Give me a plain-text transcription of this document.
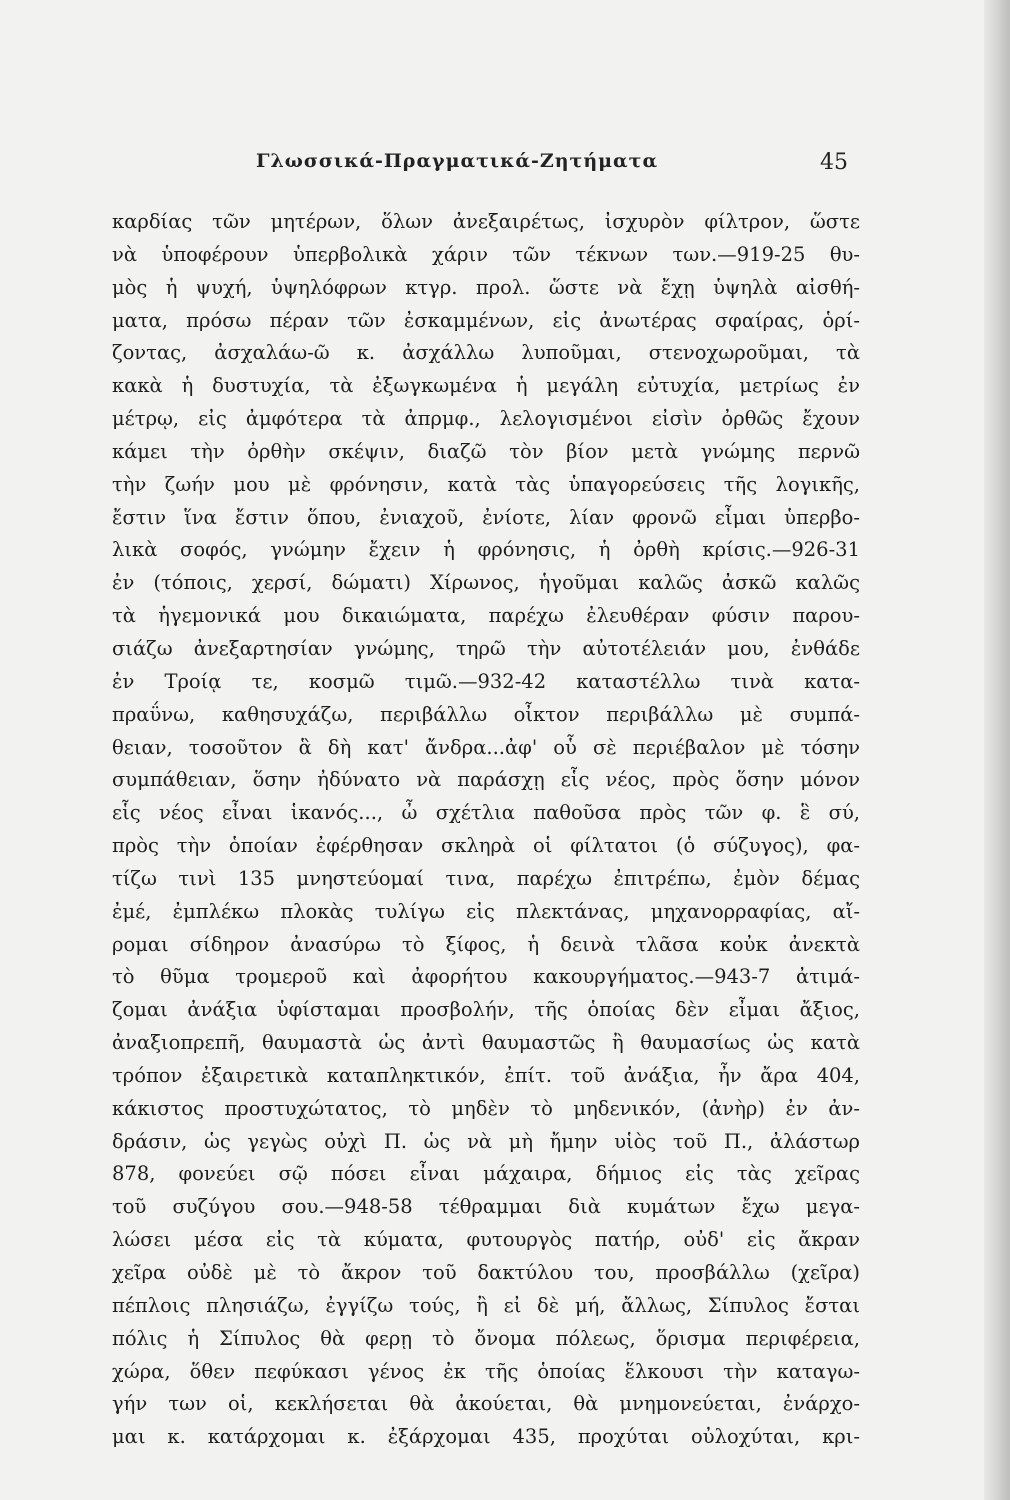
Γλωσσικά-Πραγματικά-Ζητήματα	45
καρδίας τῶν μητέρων, ὅλων ἀνεξαιρέτως, ἰσχυρὸν φίλτρον, ὥστε
νὰ ὑποφέρουν ὑπερβολικὰ χάριν τῶν τέκνων των.—919-25 θυ-
μὸς ἡ ψυχή, ὑψηλόφρων κτγρ. προλ. ὥστε νὰ ἔχῃ ὑψηλὰ αἰσθή-
ματα, πρόσω πέραν τῶν ἐσκαμμένων, εἰς ἀνωτέρας σφαίρας, ὁρί-
ζοντας, ἀσχαλάω-ῶ κ. ἀσχάλλω λυποῦμαι, στενοχωροῦμαι, τὰ
κακὰ ἡ δυστυχία, τὰ ἐξωγκωμένα ἡ μεγάλη εὐτυχία, μετρίως ἐν
μέτρῳ, εἰς ἀμφότερα τὰ ἀπρμφ., λελογισμένοι εἰσὶν ὀρθῶς ἔχουν
κάμει τὴν ὀρθὴν σκέψιν, διαζῶ τὸν βίον μετὰ γνώμης περνῶ
τὴν ζωήν μου μὲ φρόνησιν, κατὰ τὰς ὑπαγορεύσεις τῆς λογικῆς,
ἔστιν ἵνα ἔστιν ὅπου, ἐνιαχοῦ, ἐνίοτε, λίαν φρονῶ εἶμαι ὑπερβο-
λικὰ σοφός, γνώμην ἔχειν ἡ φρόνησις, ἡ ὀρθὴ κρίσις.—926-31
ἐν (τόποις, χερσί, δώματι) Χίρωνος, ἡγοῦμαι καλῶς ἀσκῶ καλῶς
τὰ ἡγεμονικά μου δικαιώματα, παρέχω ἐλευθέραν φύσιν παρου-
σιάζω ἀνεξαρτησίαν γνώμης, τηρῶ τὴν αὐτοτέλειάν μου, ἐνθάδε
ἐν Τροίᾳ τε, κοσμῶ τιμῶ.—932-42 καταστέλλω τινὰ κατα-
πραΰνω, καθησυχάζω, περιβάλλω οἶκτον περιβάλλω μὲ συμπά-
θειαν, τοσοῦτον ἃ δὴ κατ' ἄνδρα...ἀφ' οὗ σὲ περιέβαλον μὲ τόσην
συμπάθειαν, ὅσην ἠδύνατο νὰ παράσχῃ εἷς νέος, πρὸς ὅσην μόνον
εἷς νέος εἶναι ἱκανός..., ὦ σχέτλια παθοῦσα πρὸς τῶν φ. ἓ σύ,
πρὸς τὴν ὁποίαν ἐφέρθησαν σκληρὰ οἱ φίλτατοι (ὁ σύζυγος), φα-
τίζω τινὶ 135 μνηστεύομαί τινα, παρέχω ἐπιτρέπω, ἐμὸν δέμας
ἐμέ, ἐμπλέκω πλοκὰς τυλίγω εἰς πλεκτάνας, μηχανορραφίας, αἴ-
ρομαι σίδηρον ἀνασύρω τὸ ξίφος, ἡ δεινὰ τλᾶσα κοὐκ ἀνεκτὰ
τὸ θῦμα τρομεροῦ καὶ ἀφορήτου κακουργήματος.—943-7 ἀτιμά-
ζομαι ἀνάξια ὑφίσταμαι προσβολήν, τῆς ὁποίας δὲν εἶμαι ἄξιος,
ἀναξιοπρεπῆ, θαυμαστὰ ὡς ἀντὶ θαυμαστῶς ἢ θαυμασίως ὡς κατὰ
τρόπον ἐξαιρετικὰ καταπληκτικόν, ἐπίτ. τοῦ ἀνάξια, ἦν ἄρα 404,
κάκιστος προστυχώτατος, τὸ μηδὲν τὸ μηδενικόν, (ἀνὴρ) ἐν ἀν-
δράσιν, ὡς γεγὼς οὐχὶ Π. ὡς νὰ μὴ ἤμην υἱὸς τοῦ Π., ἀλάστωρ
878, φονεύει σῷ πόσει εἶναι μάχαιρα, δήμιος εἰς τὰς χεῖρας
τοῦ συζύγου σου.—948-58 τέθραμμαι διὰ κυμάτων ἔχω μεγα-
λώσει μέσα εἰς τὰ κύματα, φυτουργὸς πατήρ, οὐδ' εἰς ἄκραν
χεῖρα οὐδὲ μὲ τὸ ἄκρον τοῦ δακτύλου του, προσβάλλω (χεῖρα)
πέπλοις πλησιάζω, ἐγγίζω τούς, ἢ εἰ δὲ μή, ἄλλως, Σίπυλος ἔσται
πόλις ἡ Σίπυλος θὰ φερῃ τὸ ὄνομα πόλεως, ὅρισμα περιφέρεια,
χώρα, ὅθεν πεφύκασι γένος ἐκ τῆς ὁποίας ἕλκουσι τὴν καταγω-
γήν των οἱ, κεκλήσεται θὰ ἀκούεται, θὰ μνημονεύεται, ἐνάρχο-
μαι κ. κατάρχομαι κ. ἐξάρχομαι 435, προχύται οὐλοχύται, κρι-
